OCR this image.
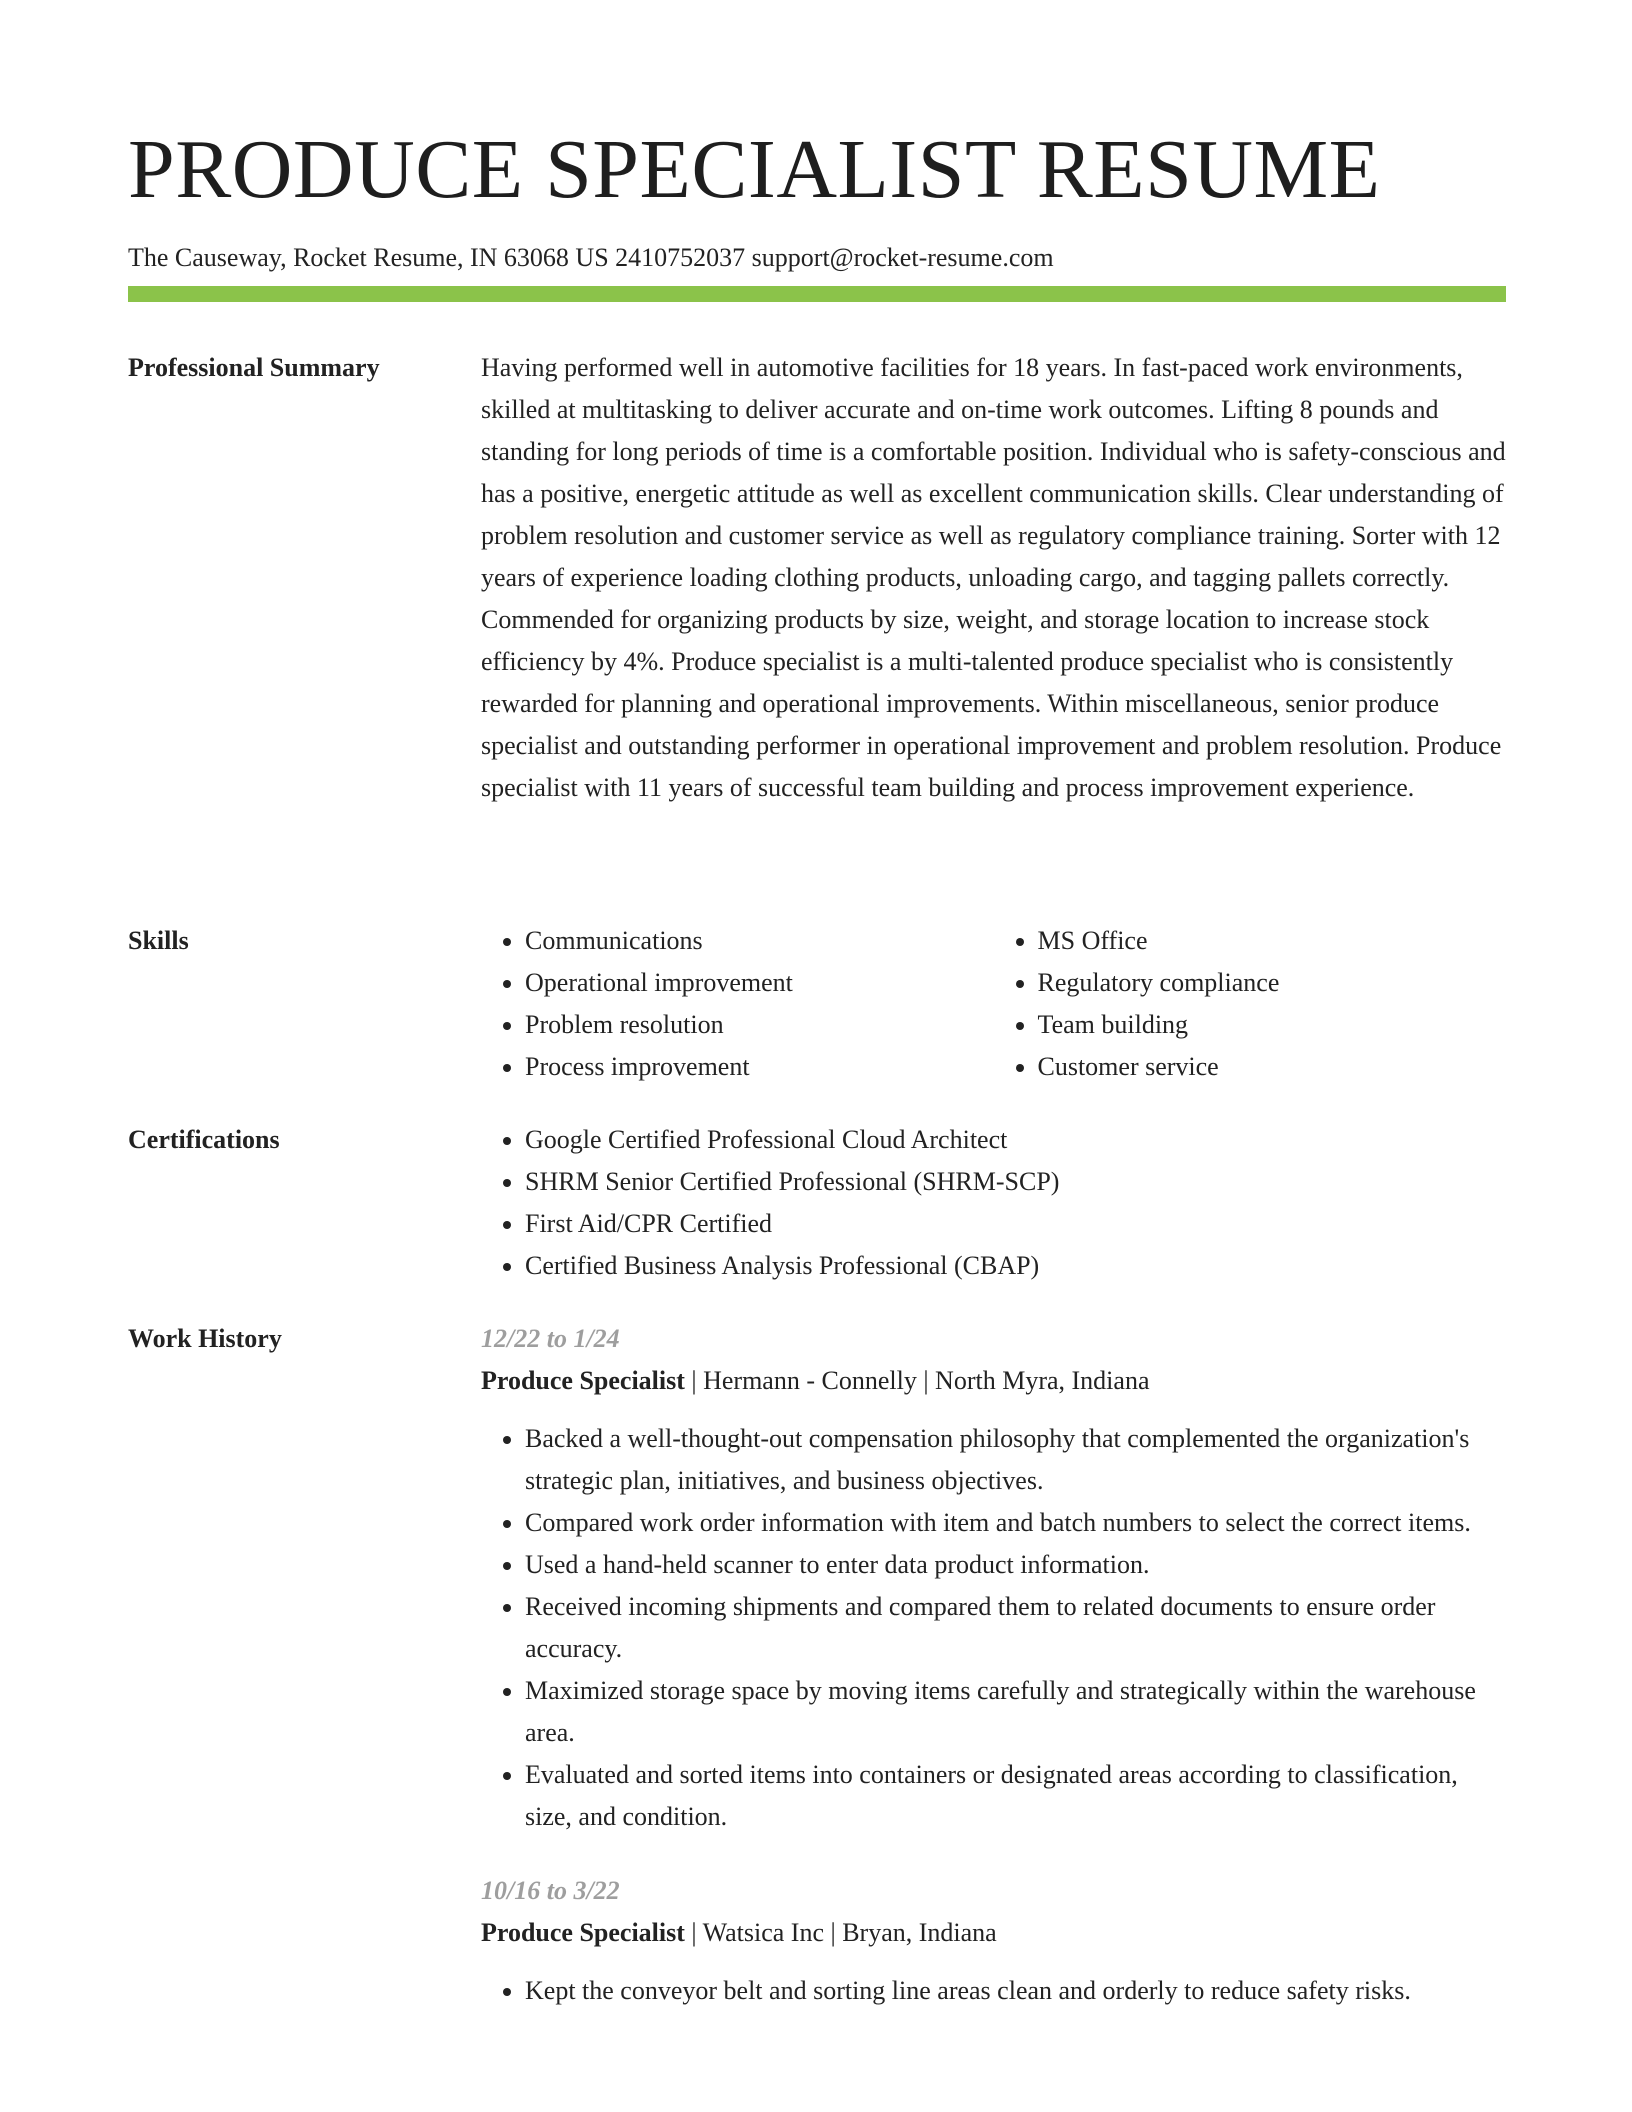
PRODUCE SPECIALIST RESUME
The Causeway, Rocket Resume, IN 63068 US 2410752037 support@rocket-resume.com
Professional Summary	Having performed well in automotive facilities for 18 years. In fast-paced work environments, skilled at multitasking to deliver accurate and on-time work outcomes. Lifting 8 pounds and standing for long periods of time is a comfortable position. Individual who is safety-conscious and has a positive, energetic attitude as well as excellent communication skills. Clear understanding of problem resolution and customer service as well as regulatory compliance training. Sorter with 12 years of experience loading clothing products, unloading cargo, and tagging pallets correctly. Commended for organizing products by size, weight, and storage location to increase stock efficiency by 4%. Produce specialist is a multi-talented produce specialist who is consistently rewarded for planning and operational improvements. Within miscellaneous, senior produce specialist and outstanding performer in operational improvement and problem resolution. Produce specialist with 11 years of successful team building and process improvement experience.

Skills	• Communications
• Operational improvement
• Problem resolution
• Process improvement
• MS Office
• Regulatory compliance
• Team building
• Customer service
Certifications	• Google Certified Professional Cloud Architect
• SHRM Senior Certified Professional (SHRM-SCP)
• First Aid/CPR Certified
• Certified Business Analysis Professional (CBAP)
Work History	12/22 to 1/24
Produce Specialist | Hermann - Connelly | North Myra, Indiana
• Backed a well-thought-out compensation philosophy that complemented the organization's strategic plan, initiatives, and business objectives.
• Compared work order information with item and batch numbers to select the correct items.
• Used a hand-held scanner to enter data product information.
• Received incoming shipments and compared them to related documents to ensure order accuracy.
• Maximized storage space by moving items carefully and strategically within the warehouse area.
• Evaluated and sorted items into containers or designated areas according to classification, size, and condition.
10/16 to 3/22
Produce Specialist | Watsica Inc | Bryan, Indiana
• Kept the conveyor belt and sorting line areas clean and orderly to reduce safety risks.
